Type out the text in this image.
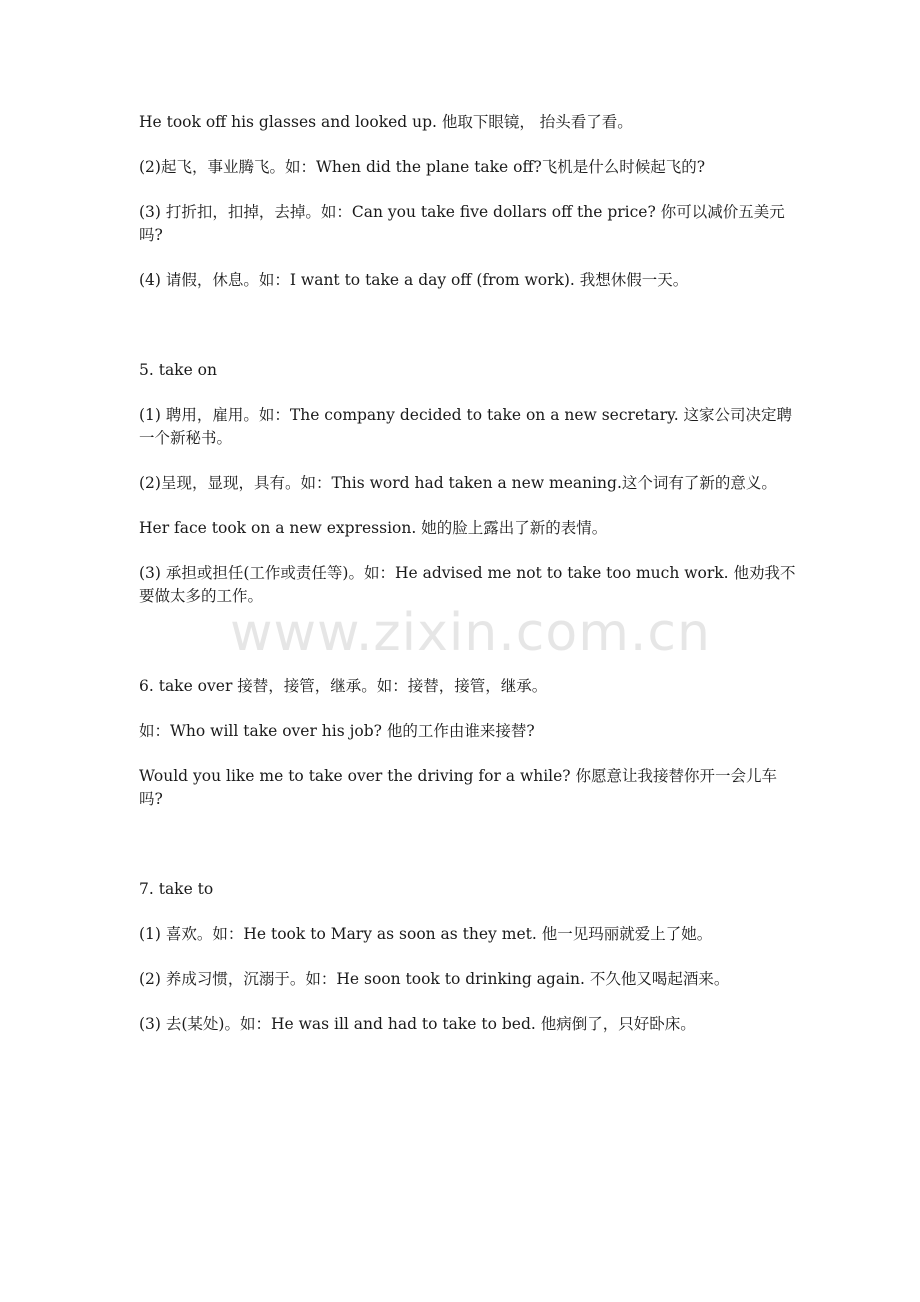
He took off his glasses and looked up. 他取下眼镜， 抬头看了看。
(2)起飞，事业腾飞。如：When did the plane take off?飞机是什么时候起飞的?
(3) 打折扣，扣掉，去掉。如：Can you take five dollars off the price? 你可以减价五美元吗?
(4) 请假，休息。如：I want to take a day off (from work). 我想休假一天。
5. take on
(1) 聘用，雇用。如：The company decided to take on a new secretary. 这家公司决定聘一个新秘书。
(2)呈现，显现，具有。如：This word had taken a new meaning.这个词有了新的意义。
Her face took on a new expression. 她的脸上露出了新的表情。
(3) 承担或担任(工作或责任等)。如：He advised me not to take too much work. 他劝我不要做太多的工作。
6. take over 接替，接管，继承。如：接替，接管，继承。
如：Who will take over his job? 他的工作由谁来接替?
Would you like me to take over the driving for a while? 你愿意让我接替你开一会儿车吗?
7. take to
(1) 喜欢。如：He took to Mary as soon as they met. 他一见玛丽就爱上了她。
(2) 养成习惯，沉溺于。如：He soon took to drinking again. 不久他又喝起酒来。
(3) 去(某处)。如：He was ill and had to take to bed. 他病倒了，只好卧床。
www.zixin.com.cn
